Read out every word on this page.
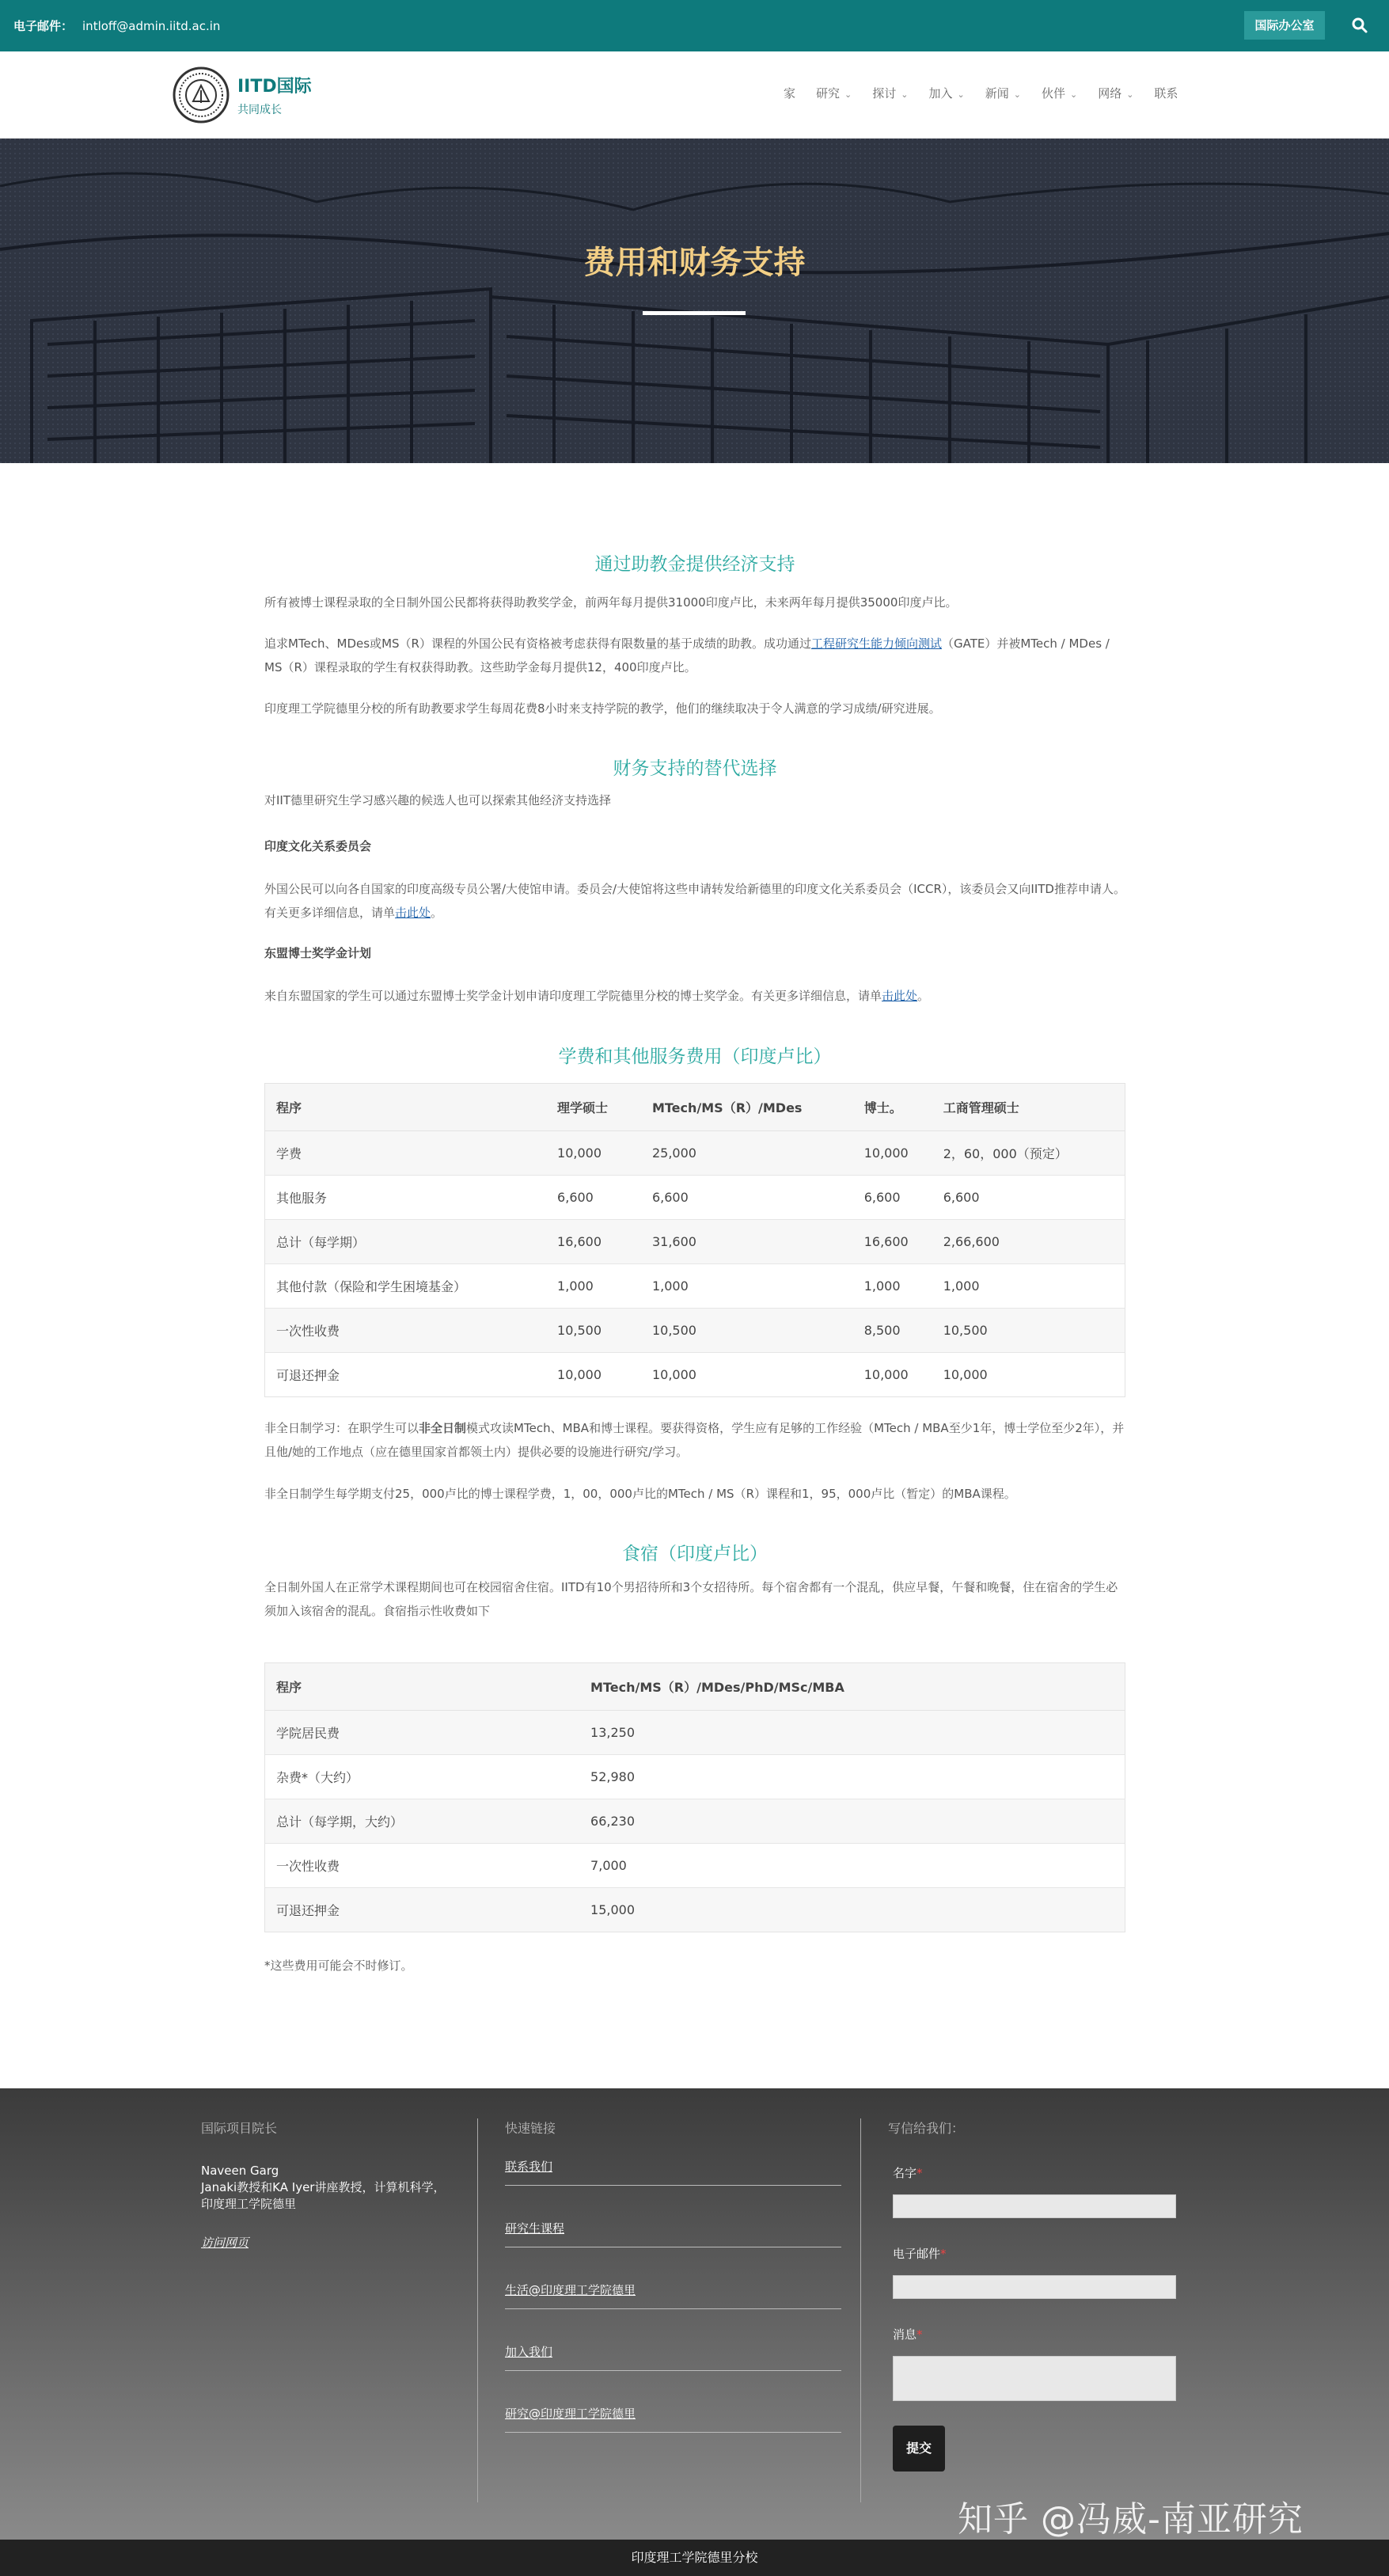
电子邮件： intloff@admin.iitd.ac.in	国际办公室
IITD国际
共同成长
家 研究 ⌄ 探讨 ⌄ 加入 ⌄ 新闻 ⌄ 伙伴 ⌄ 网络 ⌄ 联系
费用和财务支持
通过助教金提供经济支持

所有被博士课程录取的全日制外国公民都将获得助教奖学金，前两年每月提供31000印度卢比，未来两年每月提供35000印度卢比。

追求MTech、MDes或MS（R）课程的外国公民有资格被考虑获得有限数量的基于成绩的助教。成功通过工程研究生能力倾向测试（GATE）并被MTech / MDes / MS（R）课程录取的学生有权获得助教。这些助学金每月提供12，400印度卢比。

印度理工学院德里分校的所有助教要求学生每周花费8小时来支持学院的教学，他们的继续取决于令人满意的学习成绩/研究进展。

财务支持的替代选择

对IIT德里研究生学习感兴趣的候选人也可以探索其他经济支持选择

印度文化关系委员会

外国公民可以向各自国家的印度高级专员公署/大使馆申请。委员会/大使馆将这些申请转发给新德里的印度文化关系委员会（ICCR），该委员会又向IITD推荐申请人。有关更多详细信息，请单击此处。

东盟博士奖学金计划

来自东盟国家的学生可以通过东盟博士奖学金计划申请印度理工学院德里分校的博士奖学金。有关更多详细信息，请单击此处。

学费和其他服务费用（印度卢比）
程序	理学硕士	MTech/MS（R）/MDes	博士。	工商管理硕士
学费	10,000	25,000	10,000	2，60，000（预定）
其他服务	6,600	6,600	6,600	6,600
总计（每学期）	16,600	31,600	16,600	2,66,600
其他付款（保险和学生困境基金）	1,000	1,000	1,000	1,000
一次性收费	10,500	10,500	8,500	10,500
可退还押金	10,000	10,000	10,000	10,000

非全日制学习：在职学生可以非全日制模式攻读MTech、MBA和博士课程。要获得资格，学生应有足够的工作经验（MTech / MBA至少1年，博士学位至少2年），并且他/她的工作地点（应在德里国家首都领土内）提供必要的设施进行研究/学习。

非全日制学生每学期支付25，000卢比的博士课程学费，1，00，000卢比的MTech / MS（R）课程和1，95，000卢比（暂定）的MBA课程。

食宿（印度卢比）

全日制外国人在正常学术课程期间也可在校园宿舍住宿。IITD有10个男招待所和3个女招待所。每个宿舍都有一个混乱，供应早餐，午餐和晚餐，住在宿舍的学生必须加入该宿舍的混乱。食宿指示性收费如下

程序	MTech/MS（R）/MDes/PhD/MSc/MBA
学院居民费	13,250
杂费*（大约）	52,980
总计（每学期，大约）	66,230
一次性收费	7,000
可退还押金	15,000

*这些费用可能会不时修订。

国际项目院长
Naveen Garg
Janaki教授和KA Iyer讲座教授，计算机科学，
印度理工学院德里
访问网页
快速链接
联系我们
研究生课程
生活@印度理工学院德里
加入我们
研究@印度理工学院德里
写信给我们：
名字*
电子邮件*
消息*
提交
知乎 @冯威-南亚研究
印度理工学院德里分校
